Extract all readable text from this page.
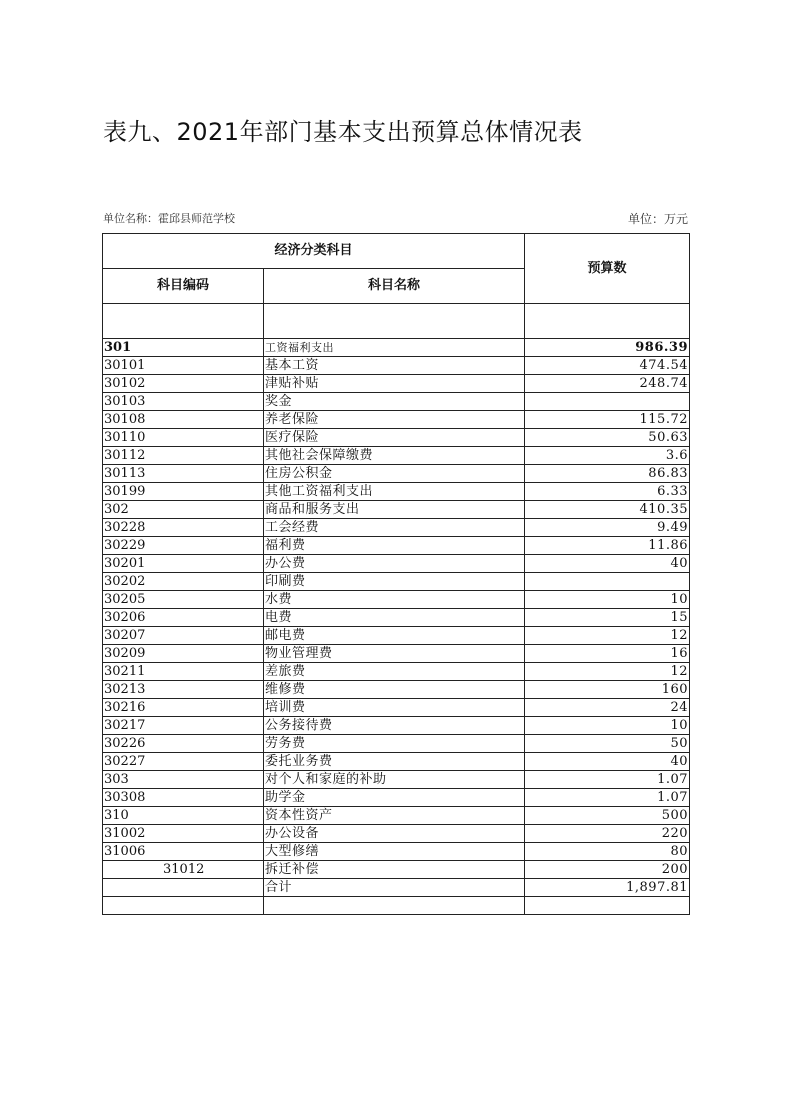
表九、2021年部门基本支出预算总体情况表
单位名称：霍邱县师范学校	单位：万元
经济分类科目		预算数
科目编码	科目名称	

301	工资福利支出	986.39
30101	基本工资	474.54
30102	津贴补贴	248.74
30103	奖金	
30108	养老保险	115.72
30110	医疗保险	50.63
30112	其他社会保障缴费	3.6
30113	住房公积金	86.83
30199	其他工资福利支出	6.33
302	商品和服务支出	410.35
30228	工会经费	9.49
30229	福利费	11.86
30201	办公费	40
30202	印刷费	
30205	水费	10
30206	电费	15
30207	邮电费	12
30209	物业管理费	16
30211	差旅费	12
30213	维修费	160
30216	培训费	24
30217	公务接待费	10
30226	劳务费	50
30227	委托业务费	40
303	对个人和家庭的补助	1.07
30308	助学金	1.07
310	资本性资产	500
31002	办公设备	220
31006	大型修缮	80
31012	拆迁补偿	200
	合计	1,897.81
